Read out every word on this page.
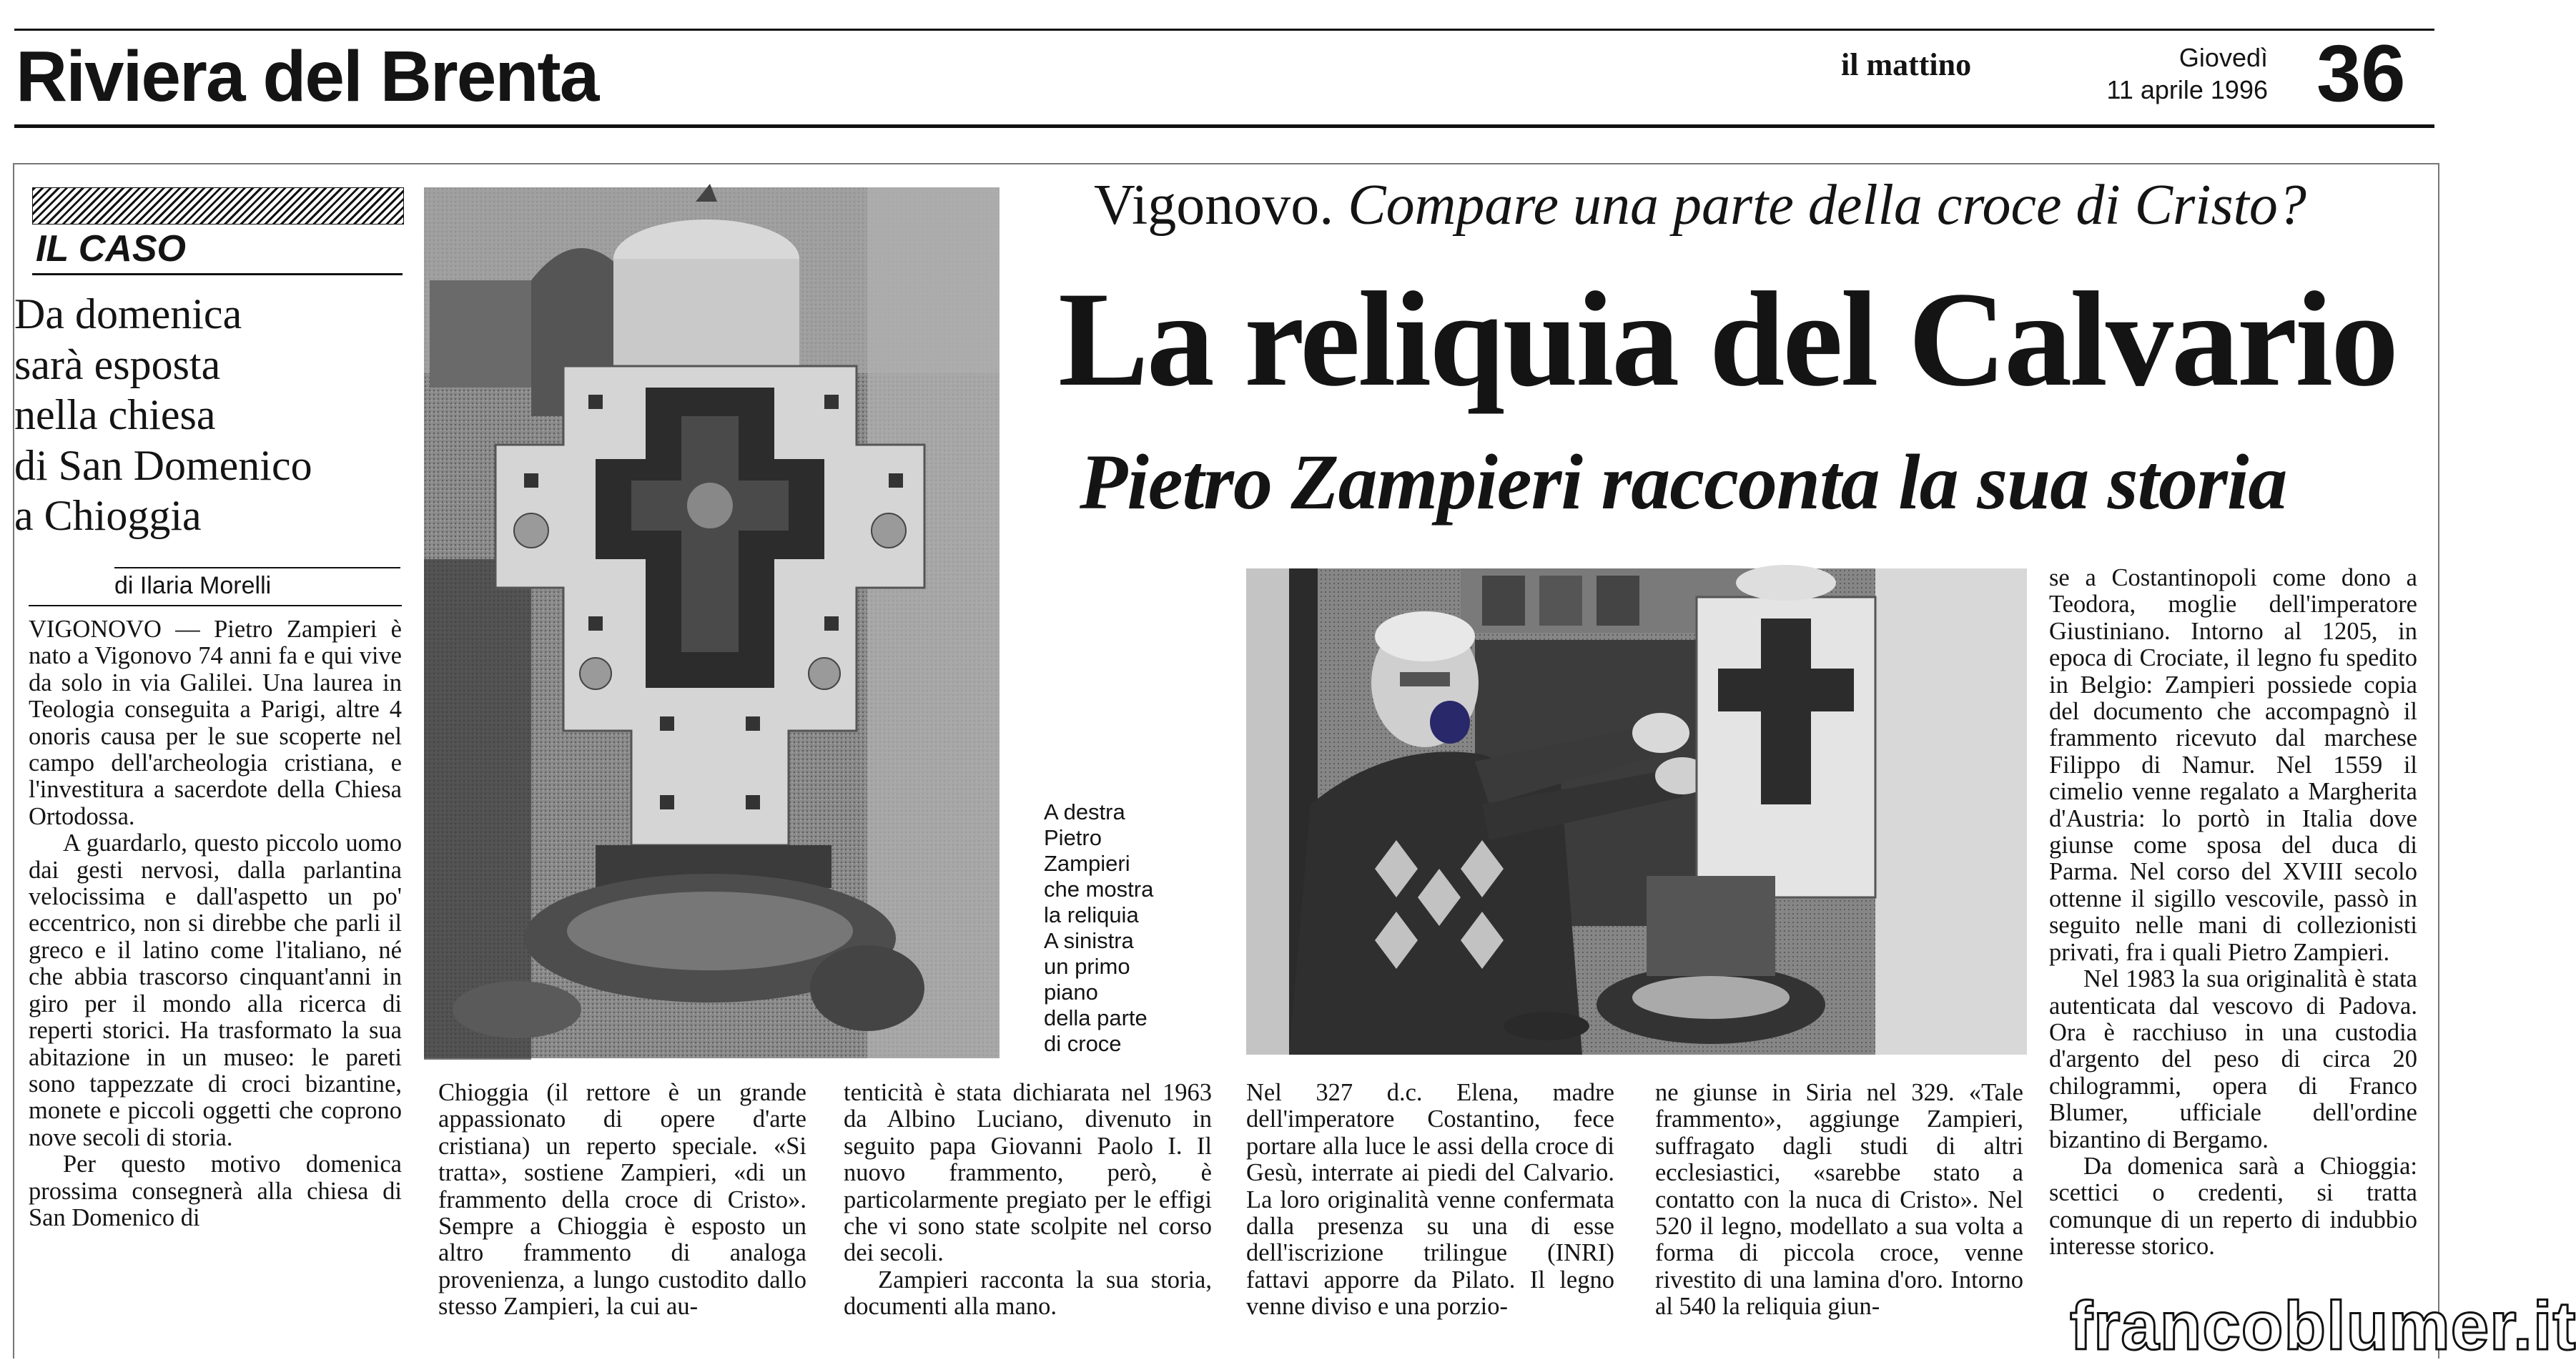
Riviera del Brenta	il mattino	Giovedì
11 aprile 1996 36
IL CASO
Da domenica
sarà esposta
nella chiesa
di San Domenico
a Chioggia
di Ilaria Morelli
Vigonovo. Compare una parte della croce di Cristo?
La reliquia del Calvario
Pietro Zampieri racconta la sua storia
A destra
Pietro
Zampieri
che mostra
la reliquia
A sinistra
un primo
piano
della parte
di croce

VIGONOVO — Pietro Zampieri è nato a Vigonovo 74 anni fa e qui vive da solo in via Galilei. Una laurea in Teologia conseguita a Parigi, altre 4 onoris causa per le sue scoperte nel campo dell'archeologia cristiana, e l'investitura a sacerdote della Chiesa Ortodossa.

A guardarlo, questo piccolo uomo dai gesti nervosi, dalla parlantina velocissima e dall'aspetto un po' eccentrico, non si direbbe che parli il greco e il latino come l'italiano, né che abbia trascorso cinquant'anni in giro per il mondo alla ricerca di reperti storici. Ha trasformato la sua abitazione in un museo: le pareti sono tappezzate di croci bizantine, monete e piccoli oggetti che coprono nove secoli di storia.

Per questo motivo domenica prossima consegnerà alla chiesa di San Domenico di

Chioggia (il rettore è un grande appassionato di opere d'arte cristiana) un reperto speciale. «Si tratta», sostiene Zampieri, «di un frammento della croce di Cristo». Sempre a Chioggia è esposto un altro frammento di analoga provenienza, a lungo custodito dallo stesso Zampieri, la cui au-

tenticità è stata dichiarata nel 1963 da Albino Luciano, divenuto in seguito papa Giovanni Paolo I. Il nuovo frammento, però, è particolarmente pregiato per le effigi che vi sono state scolpite nel corso dei secoli.

Zampieri racconta la sua storia, documenti alla mano.

Nel 327 d.c. Elena, madre dell'imperatore Costantino, fece portare alla luce le assi della croce di Gesù, interrate ai piedi del Calvario. La loro originalità venne confermata dalla presenza su una di esse dell'iscrizione trilingue (INRI) fattavi apporre da Pilato. Il legno venne diviso e una porzio-

ne giunse in Siria nel 329. «Tale frammento», aggiunge Zampieri, suffragato dagli studi di altri ecclesiastici, «sarebbe stato a contatto con la nuca di Cristo». Nel 520 il legno, modellato a sua volta a forma di piccola croce, venne rivestito di una lamina d'oro. Intorno al 540 la reliquia giun-

se a Costantinopoli come dono a Teodora, moglie dell'imperatore Giustiniano. Intorno al 1205, in epoca di Crociate, il legno fu spedito in Belgio: Zampieri possiede copia del documento che accompagnò il frammento ricevuto dal marchese Filippo di Namur. Nel 1559 il cimelio venne regalato a Margherita d'Austria: lo portò in Italia dove giunse come sposa del duca di Parma. Nel corso del XVIII secolo ottenne il sigillo vescovile, passò in seguito nelle mani di collezionisti privati, fra i quali Pietro Zampieri.

Nel 1983 la sua originalità è stata autenticata dal vescovo di Padova. Ora è racchiuso in una custodia d'argento del peso di circa 20 chilogrammi, opera di Franco Blumer, ufficiale dell'ordine bizantino di Bergamo.

Da domenica sarà a Chioggia: scettici o credenti, si tratta comunque di un reperto di indubbio interesse storico.

francoblumer.it
